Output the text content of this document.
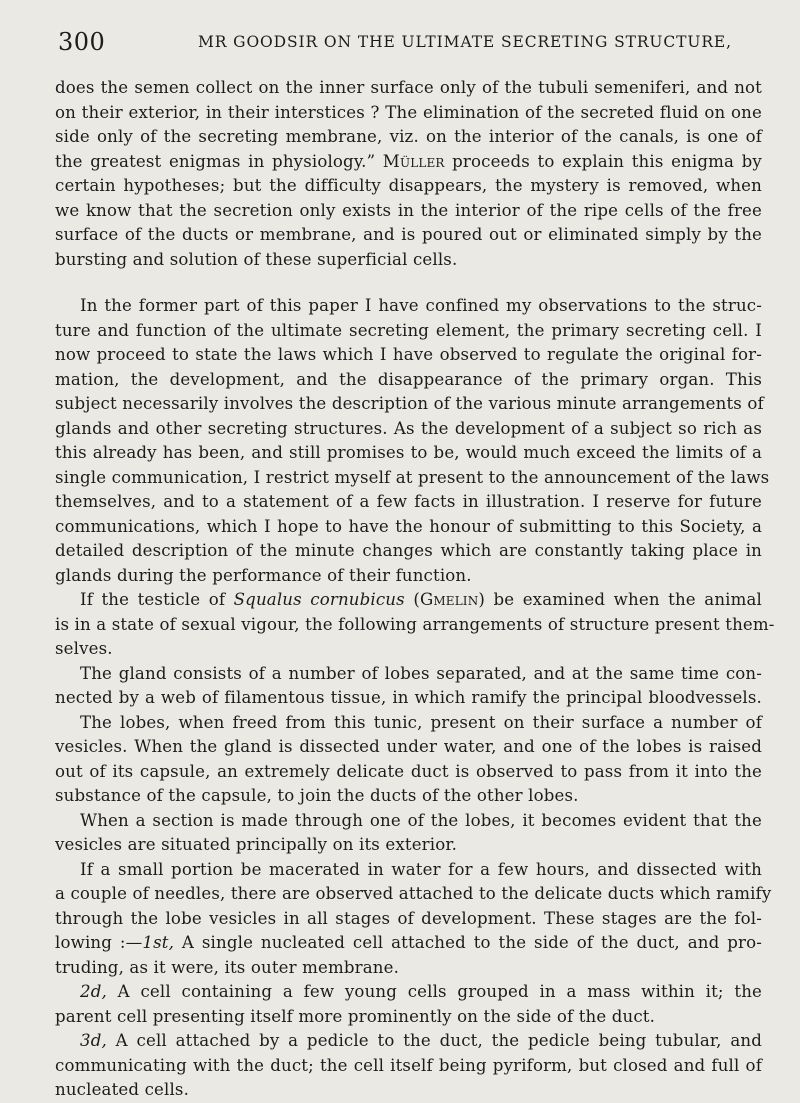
300	MR GOODSIR ON THE ULTIMATE SECRETING STRUCTURE,
does the semen collect on the inner surface only of the tubuli semeniferi, and not
on their exterior, in their interstices ? The elimination of the secreted fluid on one
side only of the secreting membrane, viz. on the interior of the canals, is one of
the greatest enigmas in physiology.” Müller proceeds to explain this enigma by
certain hypotheses; but the difficulty disappears, the mystery is removed, when
we know that the secretion only exists in the interior of the ripe cells of the free
surface of the ducts or membrane, and is poured out or eliminated simply by the
bursting and solution of these superficial cells.
In the former part of this paper I have confined my observations to the struc-
ture and function of the ultimate secreting element, the primary secreting cell. I
now proceed to state the laws which I have observed to regulate the original for-
mation, the development, and the disappearance of the primary organ. This
subject necessarily involves the description of the various minute arrangements of
glands and other secreting structures. As the development of a subject so rich as
this already has been, and still promises to be, would much exceed the limits of a
single communication, I restrict myself at present to the announcement of the laws
themselves, and to a statement of a few facts in illustration. I reserve for future
communications, which I hope to have the honour of submitting to this Society, a
detailed description of the minute changes which are constantly taking place in
glands during the performance of their function.
If the testicle of Squalus cornubicus (Gmelin) be examined when the animal
is in a state of sexual vigour, the following arrangements of structure present them-
selves.
The gland consists of a number of lobes separated, and at the same time con-
nected by a web of filamentous tissue, in which ramify the principal bloodvessels.
The lobes, when freed from this tunic, present on their surface a number of
vesicles. When the gland is dissected under water, and one of the lobes is raised
out of its capsule, an extremely delicate duct is observed to pass from it into the
substance of the capsule, to join the ducts of the other lobes.
When a section is made through one of the lobes, it becomes evident that the
vesicles are situated principally on its exterior.
If a small portion be macerated in water for a few hours, and dissected with
a couple of needles, there are observed attached to the delicate ducts which ramify
through the lobe vesicles in all stages of development. These stages are the fol-
lowing :—1st, A single nucleated cell attached to the side of the duct, and pro-
truding, as it were, its outer membrane.
2d, A cell containing a few young cells grouped in a mass within it; the
parent cell presenting itself more prominently on the side of the duct.
3d, A cell attached by a pedicle to the duct, the pedicle being tubular, and
communicating with the duct; the cell itself being pyriform, but closed and full of
nucleated cells.
